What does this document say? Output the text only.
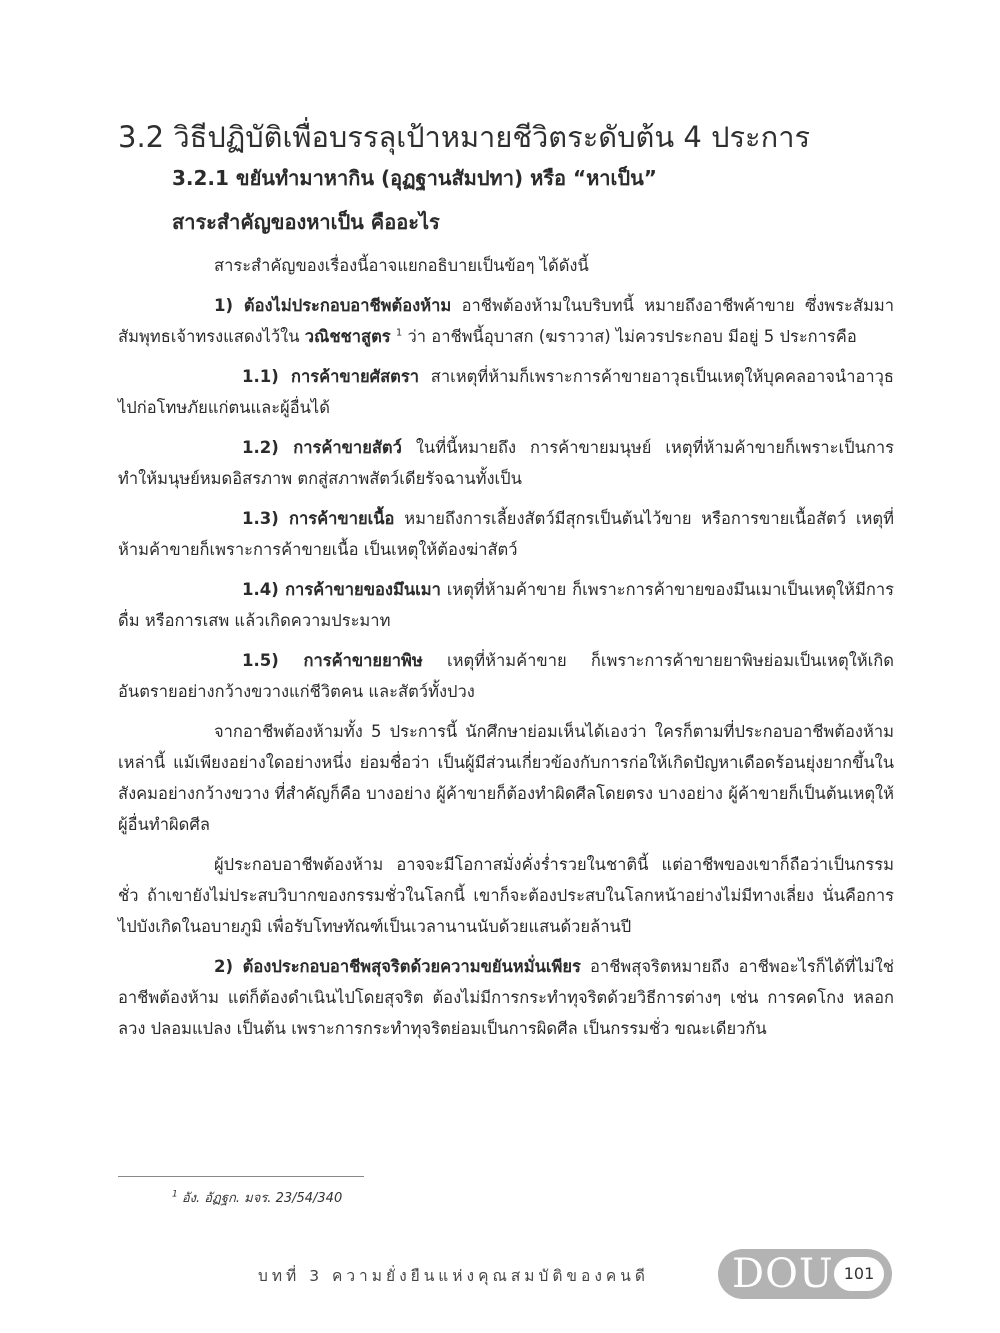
3.2 วิธีปฏิบัติเพื่อบรรลุเป้าหมายชีวิตระดับต้น 4 ประการ
3.2.1 ขยันทำมาหากิน (อุฏฐานสัมปทา) หรือ “หาเป็น”
สาระสำคัญของหาเป็น คืออะไร

สาระสำคัญของเรื่องนี้อาจแยกอธิบายเป็นข้อๆ ได้ดังนี้

1) ต้องไม่ประกอบอาชีพต้องห้าม อาชีพต้องห้ามในบริบทนี้ หมายถึงอาชีพค้าขาย ซึ่งพระสัมมาสัมพุทธเจ้าทรงแสดงไว้ใน วณิชชาสูตร $^1$ ว่า อาชีพนี้อุบาสก (ฆราวาส) ไม่ควรประกอบ มีอยู่ 5 ประการคือ

1.1) การค้าขายศัสตรา สาเหตุที่ห้ามก็เพราะการค้าขายอาวุธเป็นเหตุให้บุคคลอาจนำอาวุธไปก่อโทษภัยแก่ตนและผู้อื่นได้

1.2) การค้าขายสัตว์ ในที่นี้หมายถึง การค้าขายมนุษย์ เหตุที่ห้ามค้าขายก็เพราะเป็นการทำให้มนุษย์หมดอิสรภาพ ตกสู่สภาพสัตว์เดียรัจฉานทั้งเป็น

1.3) การค้าขายเนื้อ หมายถึงการเลี้ยงสัตว์มีสุกรเป็นต้นไว้ขาย หรือการขายเนื้อสัตว์ เหตุที่ห้ามค้าขายก็เพราะการค้าขายเนื้อ เป็นเหตุให้ต้องฆ่าสัตว์

1.4) การค้าขายของมึนเมา เหตุที่ห้ามค้าขาย ก็เพราะการค้าขายของมึนเมาเป็นเหตุให้มีการดื่ม หรือการเสพ แล้วเกิดความประมาท

1.5) การค้าขายยาพิษ เหตุที่ห้ามค้าขาย ก็เพราะการค้าขายยาพิษย่อมเป็นเหตุให้เกิดอันตรายอย่างกว้างขวางแก่ชีวิตคน และสัตว์ทั้งปวง

จากอาชีพต้องห้ามทั้ง 5 ประการนี้ นักศึกษาย่อมเห็นได้เองว่า ใครก็ตามที่ประกอบอาชีพต้องห้ามเหล่านี้ แม้เพียงอย่างใดอย่างหนึ่ง ย่อมชื่อว่า เป็นผู้มีส่วนเกี่ยวข้องกับการก่อให้เกิดปัญหาเดือดร้อนยุ่งยากขึ้นในสังคมอย่างกว้างขวาง ที่สำคัญก็คือ บางอย่าง ผู้ค้าขายก็ต้องทำผิดศีลโดยตรง บางอย่าง ผู้ค้าขายก็เป็นต้นเหตุให้ผู้อื่นทำผิดศีล

ผู้ประกอบอาชีพต้องห้าม อาจจะมีโอกาสมั่งคั่งร่ำรวยในชาตินี้ แต่อาชีพของเขาก็ถือว่าเป็นกรรมชั่ว ถ้าเขายังไม่ประสบวิบากของกรรมชั่วในโลกนี้ เขาก็จะต้องประสบในโลกหน้าอย่างไม่มีทางเลี่ยง นั่นคือการไปบังเกิดในอบายภูมิ เพื่อรับโทษทัณฑ์เป็นเวลานานนับด้วยแสนด้วยล้านปี

2) ต้องประกอบอาชีพสุจริตด้วยความขยันหมั่นเพียร อาชีพสุจริตหมายถึง อาชีพอะไรก็ได้ที่ไม่ใช่อาชีพต้องห้าม แต่ก็ต้องดำเนินไปโดยสุจริต ต้องไม่มีการกระทำทุจริตด้วยวิธีการต่างๆ เช่น การคดโกง หลอกลวง ปลอมแปลง เป็นต้น เพราะการกระทำทุจริตย่อมเป็นการผิดศีล เป็นกรรมชั่ว ขณะเดียวกัน

$^1$ อัง. อัฏฐก. มจร. 23/54/340
บทที่ 3 ความยั่งยืนแห่งคุณสมบัติของคนดี DOU 101
